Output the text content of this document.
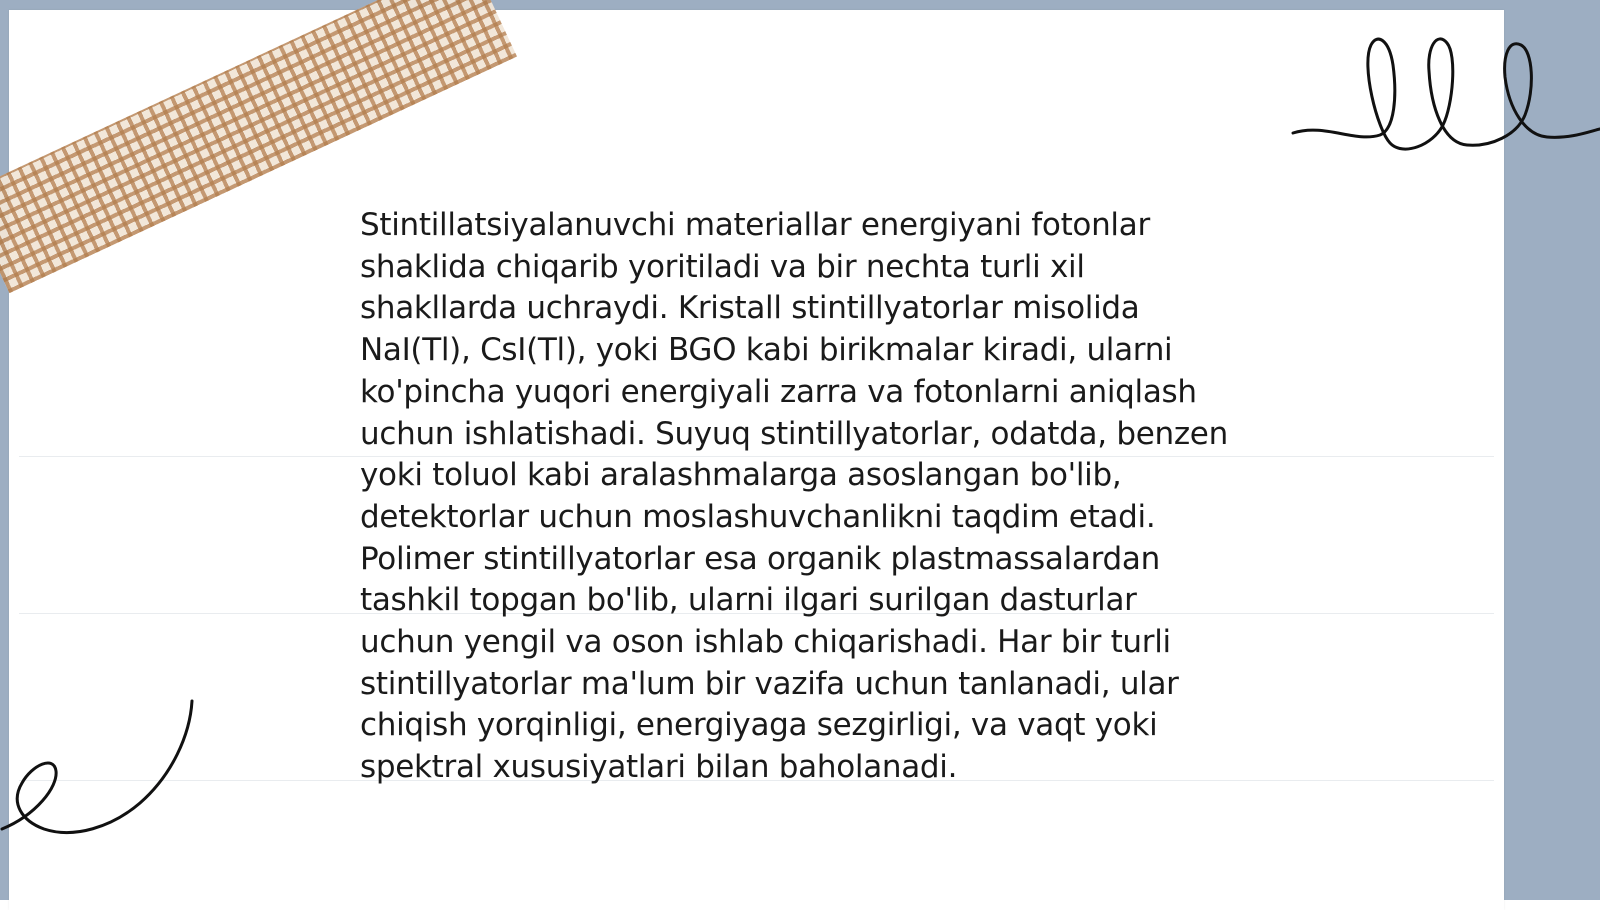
Stintillatsiyalanuvchi materiallar energiyani fotonlar shaklida chiqarib yoritiladi va bir nechta turli xil shakllarda uchraydi. Kristall stintillyatorlar misolida NaI(Tl), CsI(Tl), yoki BGO kabi birikmalar kiradi, ularni ko'pincha yuqori energiyali zarra va fotonlarni aniqlash uchun ishlatishadi. Suyuq stintillyatorlar, odatda, benzen yoki toluol kabi aralashmalarga asoslangan bo'lib, detektorlar uchun moslashuvchanlikni taqdim etadi. Polimer stintillyatorlar esa organik plastmassalardan tashkil topgan bo'lib, ularni ilgari surilgan dasturlar uchun yengil va oson ishlab chiqarishadi. Har bir turli stintillyatorlar ma'lum bir vazifa uchun tanlanadi, ular chiqish yorqinligi, energiyaga sezgirligi, va vaqt yoki spektral xususiyatlari bilan baholanadi.
